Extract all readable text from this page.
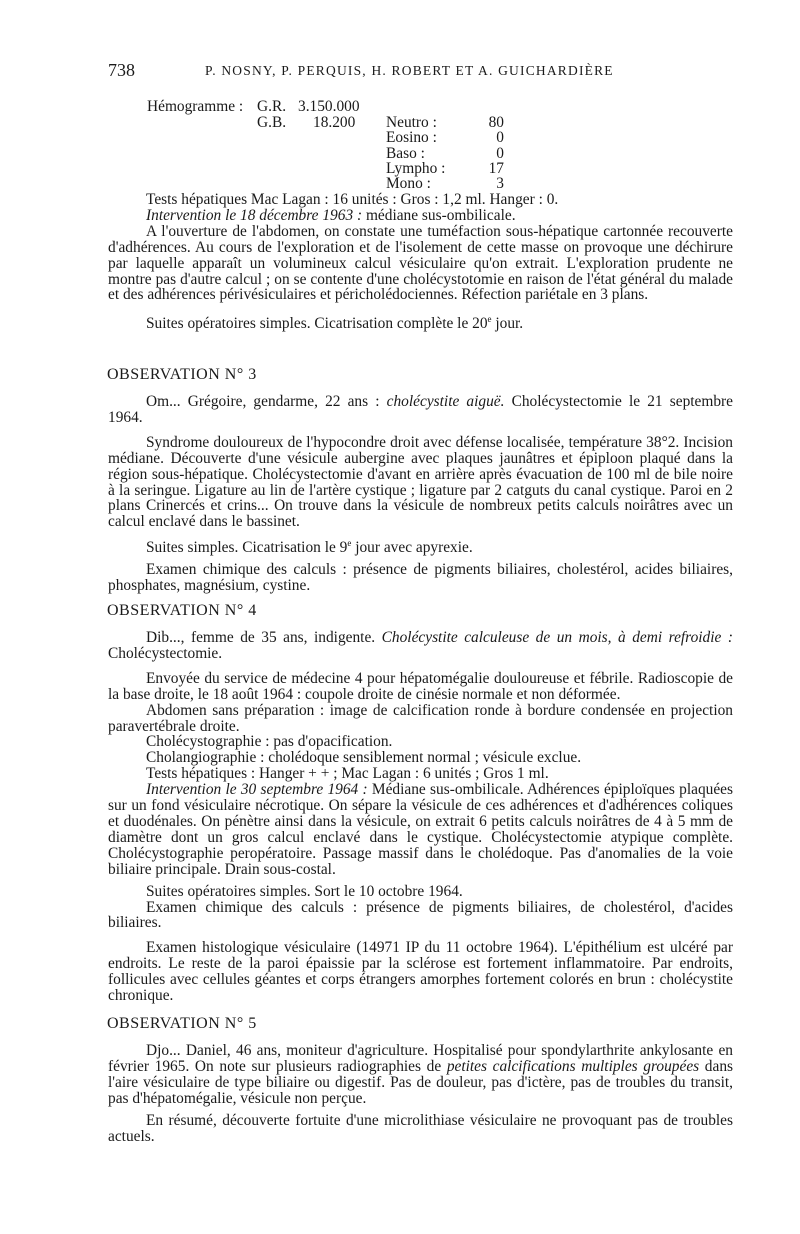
738	P. NOSNY, P. PERQUIS, H. ROBERT ET A. GUICHARDIÈRE
Hémogramme : G.R. 3.150.000
G.B. 18.200 Neutro :	80
Eosino :	0
Baso :	0
Lympho :	17
Mono :	3

Tests hépatiques Mac Lagan : 16 unités : Gros : 1,2 ml. Hanger : 0.

Intervention le 18 décembre 1963 : médiane sus-ombilicale.

A l'ouverture de l'abdomen, on constate une tuméfaction sous-hépatique cartonnée recouverte d'adhérences. Au cours de l'exploration et de l'isolement de cette masse on provoque une déchirure par laquelle apparaît un volumineux calcul vésiculaire qu'on extrait. L'exploration prudente ne montre pas d'autre calcul ; on se contente d'une cholécystotomie en raison de l'état général du malade et des adhérences périvésiculaires et péricholédociennes. Réfection pariétale en 3 plans.

Suites opératoires simples. Cicatrisation complète le 20e jour.

OBSERVATION N° 3

Om... Grégoire, gendarme, 22 ans : cholécystite aiguë. Cholécystectomie le 21 septembre 1964.

Syndrome douloureux de l'hypocondre droit avec défense localisée, température 38°2. Incision médiane. Découverte d'une vésicule aubergine avec plaques jaunâtres et épiploon plaqué dans la région sous-hépatique. Cholécystectomie d'avant en arrière après évacuation de 100 ml de bile noire à la seringue. Ligature au lin de l'artère cystique ; ligature par 2 catguts du canal cystique. Paroi en 2 plans Crinercés et crins... On trouve dans la vésicule de nombreux petits calculs noirâtres avec un calcul enclavé dans le bassinet.

Suites simples. Cicatrisation le 9e jour avec apyrexie.

Examen chimique des calculs : présence de pigments biliaires, cholestérol, acides biliaires, phosphates, magnésium, cystine.

OBSERVATION N° 4

Dib..., femme de 35 ans, indigente. Cholécystite calculeuse de un mois, à demi refroidie : Cholécystectomie.

Envoyée du service de médecine 4 pour hépatomégalie douloureuse et fébrile. Radioscopie de la base droite, le 18 août 1964 : coupole droite de cinésie normale et non déformée.

Abdomen sans préparation : image de calcification ronde à bordure condensée en projection paravertébrale droite.

Cholécystographie : pas d'opacification.

Cholangiographie : cholédoque sensiblement normal ; vésicule exclue.

Tests hépatiques : Hanger + + ; Mac Lagan : 6 unités ; Gros 1 ml.

Intervention le 30 septembre 1964 : Médiane sus-ombilicale. Adhérences épiploïques plaquées sur un fond vésiculaire nécrotique. On sépare la vésicule de ces adhérences et d'adhérences coliques et duodénales. On pénètre ainsi dans la vésicule, on extrait 6 petits calculs noirâtres de 4 à 5 mm de diamètre dont un gros calcul enclavé dans le cystique. Cholécystectomie atypique complète. Cholécystographie peropératoire. Passage massif dans le cholédoque. Pas d'anomalies de la voie biliaire principale. Drain sous-costal.

Suites opératoires simples. Sort le 10 octobre 1964.

Examen chimique des calculs : présence de pigments biliaires, de cholestérol, d'acides biliaires.

Examen histologique vésiculaire (14971 IP du 11 octobre 1964). L'épithélium est ulcéré par endroits. Le reste de la paroi épaissie par la sclérose est fortement inflammatoire. Par endroits, follicules avec cellules géantes et corps étrangers amorphes fortement colorés en brun : cholécystite chronique.

OBSERVATION N° 5

Djo... Daniel, 46 ans, moniteur d'agriculture. Hospitalisé pour spondylarthrite ankylosante en février 1965. On note sur plusieurs radiographies de petites calcifications multiples groupées dans l'aire vésiculaire de type biliaire ou digestif. Pas de douleur, pas d'ictère, pas de troubles du transit, pas d'hépatomégalie, vésicule non perçue.

En résumé, découverte fortuite d'une microlithiase vésiculaire ne provoquant pas de troubles actuels.
